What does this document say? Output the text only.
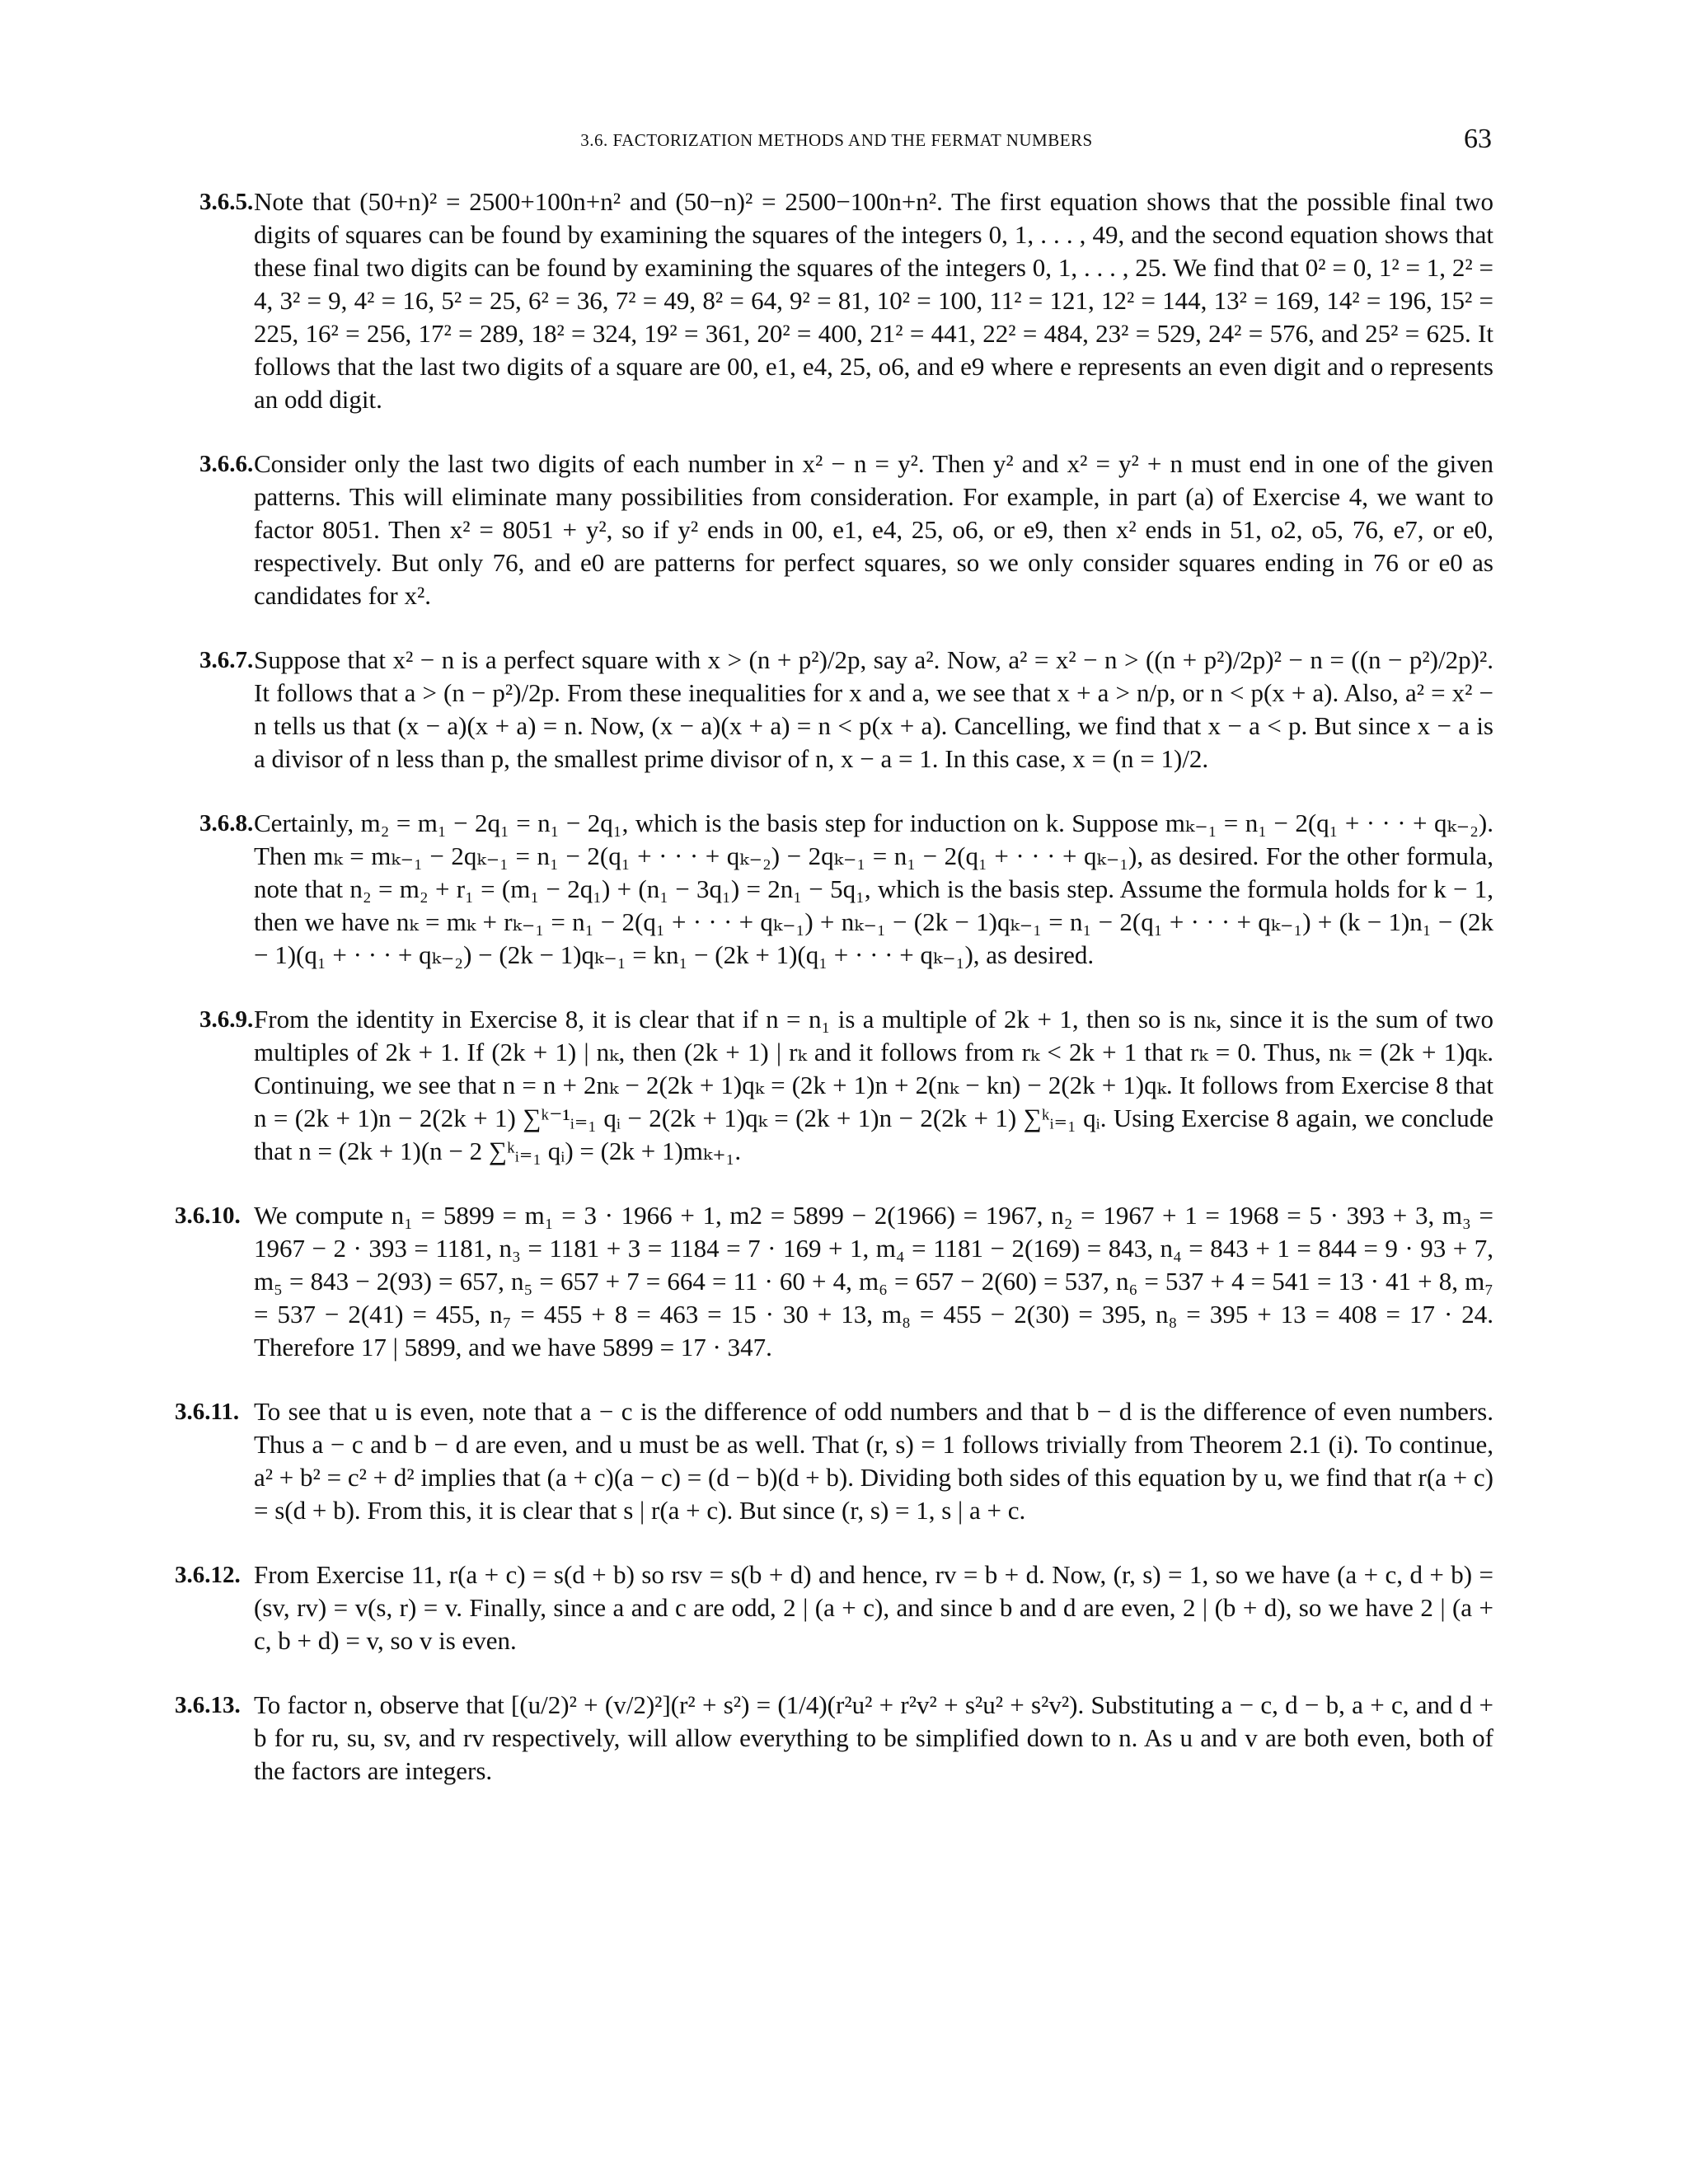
3.6. FACTORIZATION METHODS AND THE FERMAT NUMBERS	63
3.6.5. Note that (50+n)² = 2500+100n+n² and (50−n)² = 2500−100n+n². The first equation shows that the possible final two digits of squares can be found by examining the squares of the integers 0, 1, . . . , 49, and the second equation shows that these final two digits can be found by examining the squares of the integers 0, 1, . . . , 25. We find that 0² = 0, 1² = 1, 2² = 4, 3² = 9, 4² = 16, 5² = 25, 6² = 36, 7² = 49, 8² = 64, 9² = 81, 10² = 100, 11² = 121, 12² = 144, 13² = 169, 14² = 196, 15² = 225, 16² = 256, 17² = 289, 18² = 324, 19² = 361, 20² = 400, 21² = 441, 22² = 484, 23² = 529, 24² = 576, and 25² = 625. It follows that the last two digits of a square are 00, e1, e4, 25, o6, and e9 where e represents an even digit and o represents an odd digit.
3.6.6. Consider only the last two digits of each number in x² − n = y². Then y² and x² = y² + n must end in one of the given patterns. This will eliminate many possibilities from consideration. For example, in part (a) of Exercise 4, we want to factor 8051. Then x² = 8051 + y², so if y² ends in 00, e1, e4, 25, o6, or e9, then x² ends in 51, o2, o5, 76, e7, or e0, respectively. But only 76, and e0 are patterns for perfect squares, so we only consider squares ending in 76 or e0 as candidates for x².
3.6.7. Suppose that x² − n is a perfect square with x > (n + p²)/2p, say a². Now, a² = x² − n > ((n + p²)/2p)² − n = ((n − p²)/2p)². It follows that a > (n − p²)/2p. From these inequalities for x and a, we see that x + a > n/p, or n < p(x + a). Also, a² = x² − n tells us that (x − a)(x + a) = n. Now, (x − a)(x + a) = n < p(x + a). Cancelling, we find that x − a < p. But since x − a is a divisor of n less than p, the smallest prime divisor of n, x − a = 1. In this case, x = (n = 1)/2.
3.6.8. Certainly, m₂ = m₁ − 2q₁ = n₁ − 2q₁, which is the basis step for induction on k. Suppose mₖ₋₁ = n₁ − 2(q₁ + · · · + qₖ₋₂). Then mₖ = mₖ₋₁ − 2qₖ₋₁ = n₁ − 2(q₁ + · · · + qₖ₋₂) − 2qₖ₋₁ = n₁ − 2(q₁ + · · · + qₖ₋₁), as desired. For the other formula, note that n₂ = m₂ + r₁ = (m₁ − 2q₁) + (n₁ − 3q₁) = 2n₁ − 5q₁, which is the basis step. Assume the formula holds for k − 1, then we have nₖ = mₖ + rₖ₋₁ = n₁ − 2(q₁ + · · · + qₖ₋₁) + nₖ₋₁ − (2k − 1)qₖ₋₁ = n₁ − 2(q₁ + · · · + qₖ₋₁) + (k − 1)n₁ − (2k − 1)(q₁ + · · · + qₖ₋₂) − (2k − 1)qₖ₋₁ = kn₁ − (2k + 1)(q₁ + · · · + qₖ₋₁), as desired.
3.6.9. From the identity in Exercise 8, it is clear that if n = n₁ is a multiple of 2k + 1, then so is nₖ, since it is the sum of two multiples of 2k + 1. If (2k + 1) | nₖ, then (2k + 1) | rₖ and it follows from rₖ < 2k + 1 that rₖ = 0. Thus, nₖ = (2k + 1)qₖ. Continuing, we see that n = n + 2nₖ − 2(2k + 1)qₖ = (2k + 1)n + 2(nₖ − kn) − 2(2k + 1)qₖ. It follows from Exercise 8 that n = (2k + 1)n − 2(2k + 1) ∑ᵏ⁻¹ᵢ₌₁ qᵢ − 2(2k + 1)qₖ = (2k + 1)n − 2(2k + 1) ∑ᵏᵢ₌₁ qᵢ. Using Exercise 8 again, we conclude that n = (2k + 1)(n − 2 ∑ᵏᵢ₌₁ qᵢ) = (2k + 1)mₖ₊₁.
3.6.10. We compute n₁ = 5899 = m₁ = 3 · 1966 + 1, m2 = 5899 − 2(1966) = 1967, n₂ = 1967 + 1 = 1968 = 5 · 393 + 3, m₃ = 1967 − 2 · 393 = 1181, n₃ = 1181 + 3 = 1184 = 7 · 169 + 1, m₄ = 1181 − 2(169) = 843, n₄ = 843 + 1 = 844 = 9 · 93 + 7, m₅ = 843 − 2(93) = 657, n₅ = 657 + 7 = 664 = 11 · 60 + 4, m₆ = 657 − 2(60) = 537, n₆ = 537 + 4 = 541 = 13 · 41 + 8, m₇ = 537 − 2(41) = 455, n₇ = 455 + 8 = 463 = 15 · 30 + 13, m₈ = 455 − 2(30) = 395, n₈ = 395 + 13 = 408 = 17 · 24. Therefore 17 | 5899, and we have 5899 = 17 · 347.
3.6.11. To see that u is even, note that a − c is the difference of odd numbers and that b − d is the difference of even numbers. Thus a − c and b − d are even, and u must be as well. That (r, s) = 1 follows trivially from Theorem 2.1 (i). To continue, a² + b² = c² + d² implies that (a + c)(a − c) = (d − b)(d + b). Dividing both sides of this equation by u, we find that r(a + c) = s(d + b). From this, it is clear that s | r(a + c). But since (r, s) = 1, s | a + c.
3.6.12. From Exercise 11, r(a + c) = s(d + b) so rsv = s(b + d) and hence, rv = b + d. Now, (r, s) = 1, so we have (a + c, d + b) = (sv, rv) = v(s, r) = v. Finally, since a and c are odd, 2 | (a + c), and since b and d are even, 2 | (b + d), so we have 2 | (a + c, b + d) = v, so v is even.
3.6.13. To factor n, observe that [(u/2)² + (v/2)²](r² + s²) = (1/4)(r²u² + r²v² + s²u² + s²v²). Substituting a − c, d − b, a + c, and d + b for ru, su, sv, and rv respectively, will allow everything to be simplified down to n. As u and v are both even, both of the factors are integers.
